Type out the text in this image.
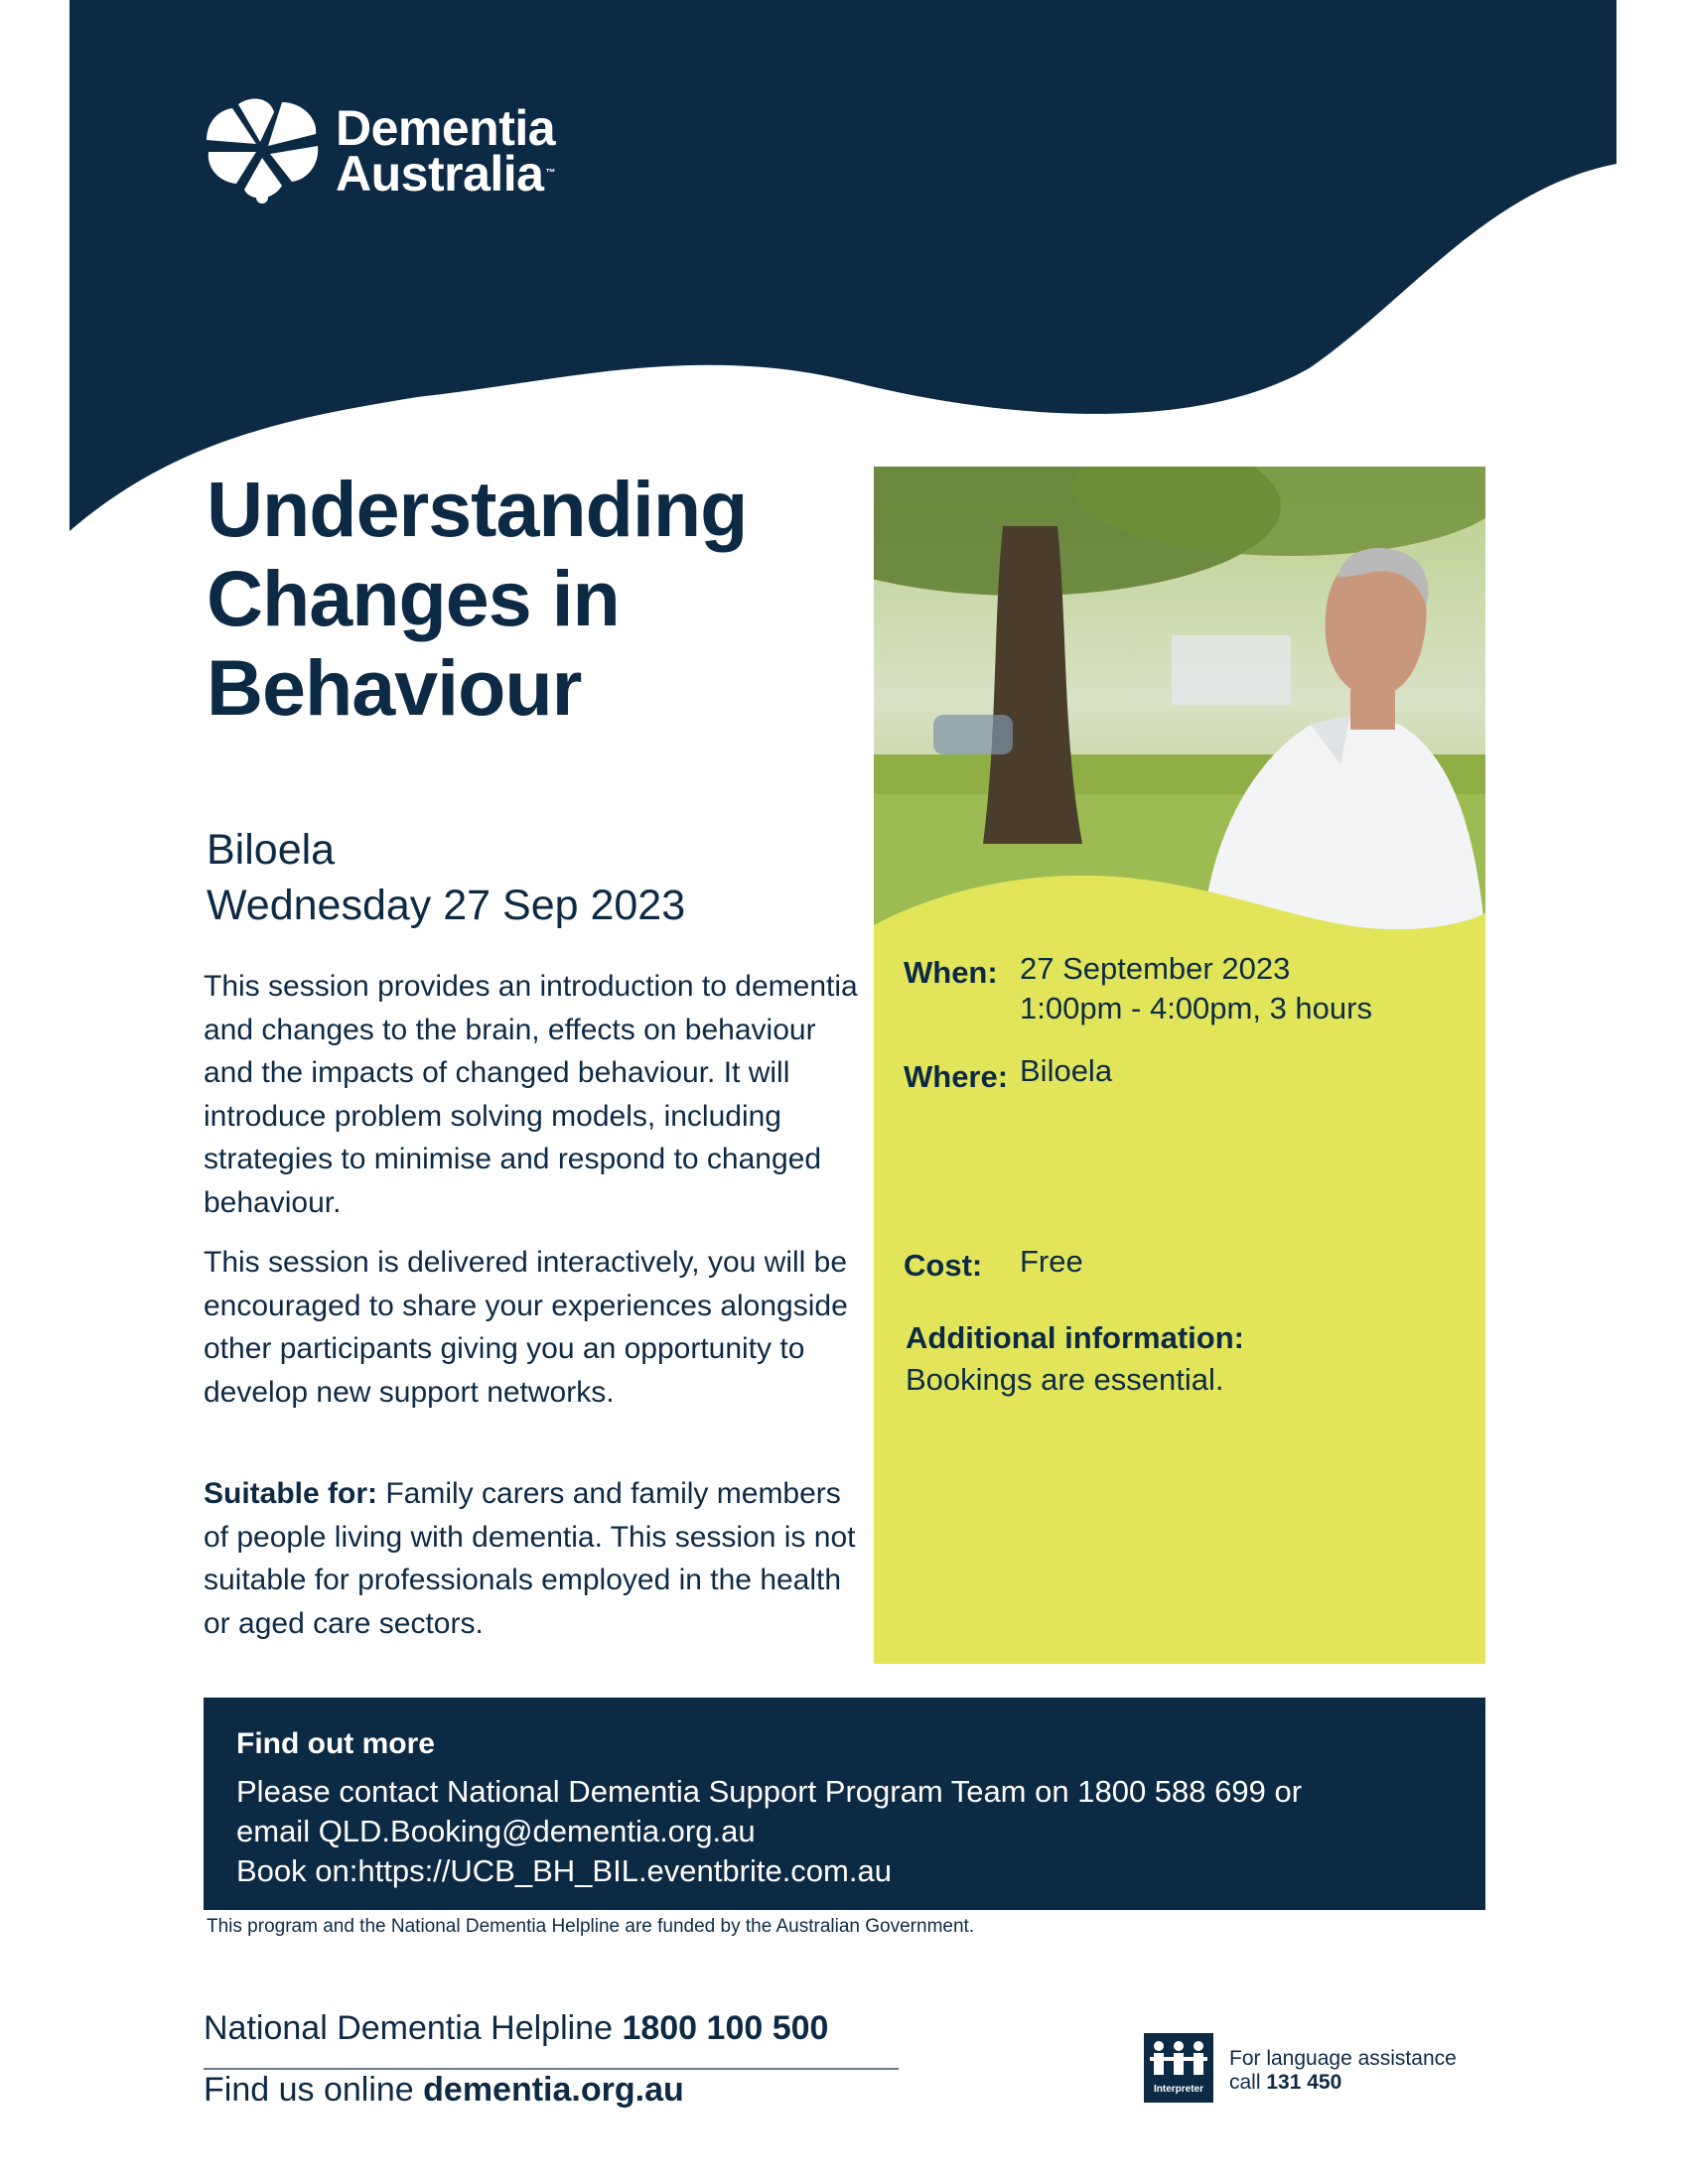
Dementia
Australia ™
Understanding
Changes in
Behaviour
Biloela
Wednesday 27 Sep 2023

This session provides an introduction to dementia and changes to the brain, effects on behaviour and the impacts of changed behaviour. It will introduce problem solving models, including strategies to minimise and respond to changed behaviour.

This session is delivered interactively, you will be encouraged to share your experiences alongside other participants giving you an opportunity to develop new support networks.

Suitable for: Family carers and family members of people living with dementia. This session is not suitable for professionals employed in the health or aged care sectors.

When: 27 September 2023
1:00pm - 4:00pm, 3 hours
Where: Biloela
Cost: Free
Additional information:
Bookings are essential.
Find out more
Please contact National Dementia Support Program Team on 1800 588 699 or
email QLD.Booking@dementia.org.au
Book on:https://UCB_BH_BIL.eventbrite.com.au
This program and the National Dementia Helpline are funded by the Australian Government.
National Dementia Helpline 1800 100 500
Find us online dementia.org.au	Interpreter
For language assistance
call 131 450
